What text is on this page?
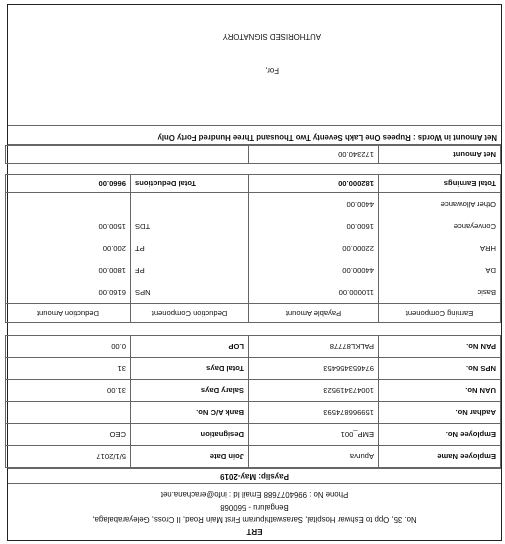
ERT
No. 35, Opp to Eshwar Hospital, Saraswathipuram First Main Road, II Cross, Geleyarabalaga,
Bengaluru - 560068
Phone No : 9964077688 Email Id : info@erachana.net
Payslip: May-2019
Employee Name	Apurva	Join Date	5/1/2017
Employee No.	EMP_001	Designation	CEO
Aadhar No.	159966874593	Bank A/C No.	
UAN No.	100473419523	Salary Days	31.00
NPS No.	974653456453	Total Days	31
PAN No.	PALKL87778	LOP	0.00
Earning Component	Payable Amount	Deduction Component	Deduction Amount
Basic	110000.00	NPS	6160.00
DA	44000.00	PF	1800.00
HRA	22000.00	PT	200.00
Conveyance	1600.00	TDS	1500.00
Other Allowance	4400.00		
Total Earnings	182000.00	Total Deductions	9660.00
Net Amount	172340.00	
Net Amount in Words : Rupees One Lakh Seventy Two Thousand Three Hundred Forty Only
For,
AUTHORISED SIGNATORY
